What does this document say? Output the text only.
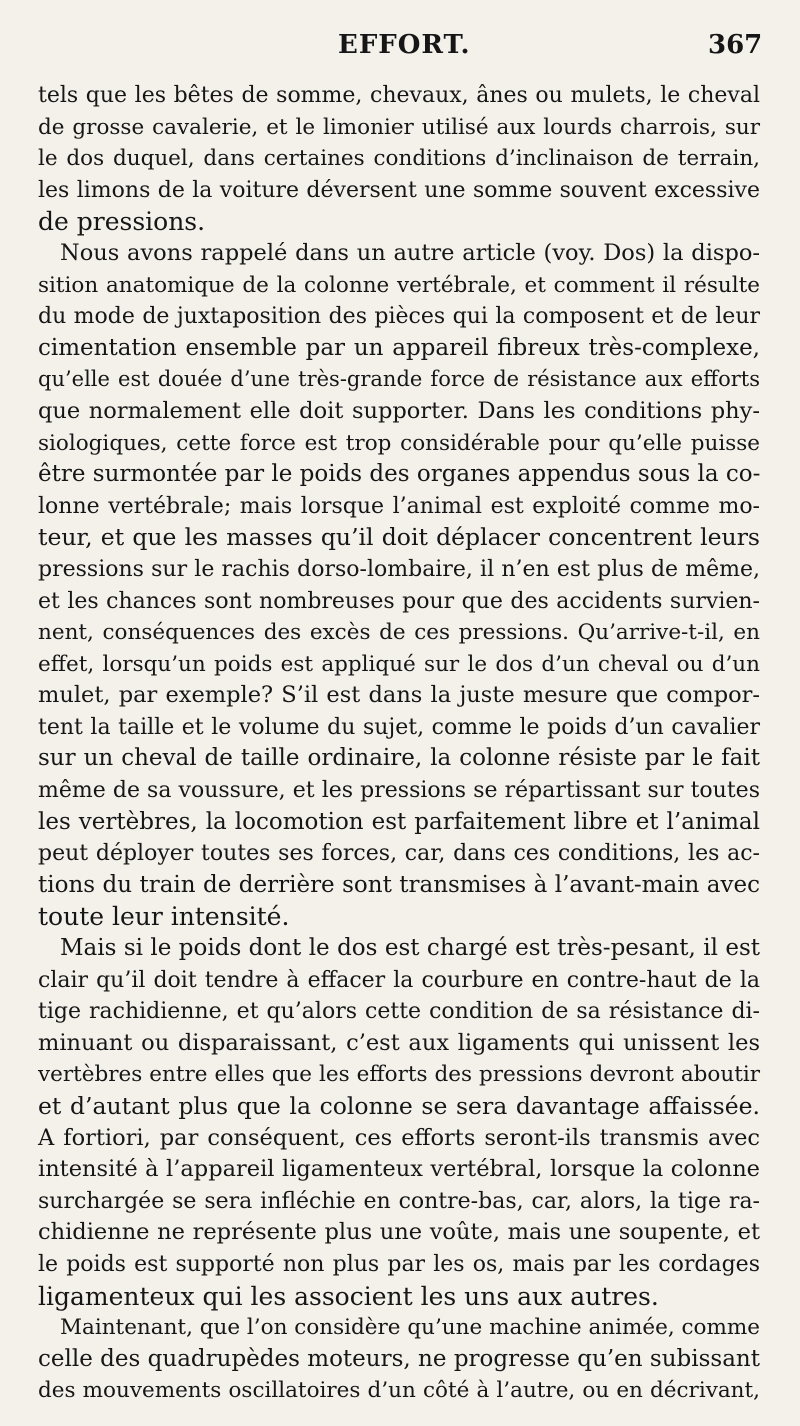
EFFORT.	367
tels que les bêtes de somme, chevaux, ânes ou mulets, le cheval
de grosse cavalerie, et le limonier utilisé aux lourds charrois, sur
le dos duquel, dans certaines conditions d’inclinaison de terrain,
les limons de la voiture déversent une somme souvent excessive
de pressions.
Nous avons rappelé dans un autre article (voy. Dos) la dispo-
sition anatomique de la colonne vertébrale, et comment il résulte
du mode de juxtaposition des pièces qui la composent et de leur
cimentation ensemble par un appareil fibreux très-complexe,
qu’elle est douée d’une très-grande force de résistance aux efforts
que normalement elle doit supporter. Dans les conditions phy-
siologiques, cette force est trop considérable pour qu’elle puisse
être surmontée par le poids des organes appendus sous la co-
lonne vertébrale; mais lorsque l’animal est exploité comme mo-
teur, et que les masses qu’il doit déplacer concentrent leurs
pressions sur le rachis dorso-lombaire, il n’en est plus de même,
et les chances sont nombreuses pour que des accidents survien-
nent, conséquences des excès de ces pressions. Qu’arrive-t-il, en
effet, lorsqu’un poids est appliqué sur le dos d’un cheval ou d’un
mulet, par exemple? S’il est dans la juste mesure que compor-
tent la taille et le volume du sujet, comme le poids d’un cavalier
sur un cheval de taille ordinaire, la colonne résiste par le fait
même de sa voussure, et les pressions se répartissant sur toutes
les vertèbres, la locomotion est parfaitement libre et l’animal
peut déployer toutes ses forces, car, dans ces conditions, les ac-
tions du train de derrière sont transmises à l’avant-main avec
toute leur intensité.
Mais si le poids dont le dos est chargé est très-pesant, il est
clair qu’il doit tendre à effacer la courbure en contre-haut de la
tige rachidienne, et qu’alors cette condition de sa résistance di-
minuant ou disparaissant, c’est aux ligaments qui unissent les
vertèbres entre elles que les efforts des pressions devront aboutir
et d’autant plus que la colonne se sera davantage affaissée.
A fortiori, par conséquent, ces efforts seront-ils transmis avec
intensité à l’appareil ligamenteux vertébral, lorsque la colonne
surchargée se sera infléchie en contre-bas, car, alors, la tige ra-
chidienne ne représente plus une voûte, mais une soupente, et
le poids est supporté non plus par les os, mais par les cordages
ligamenteux qui les associent les uns aux autres.
Maintenant, que l’on considère qu’une machine animée, comme
celle des quadrupèdes moteurs, ne progresse qu’en subissant
des mouvements oscillatoires d’un côté à l’autre, ou en décrivant,
